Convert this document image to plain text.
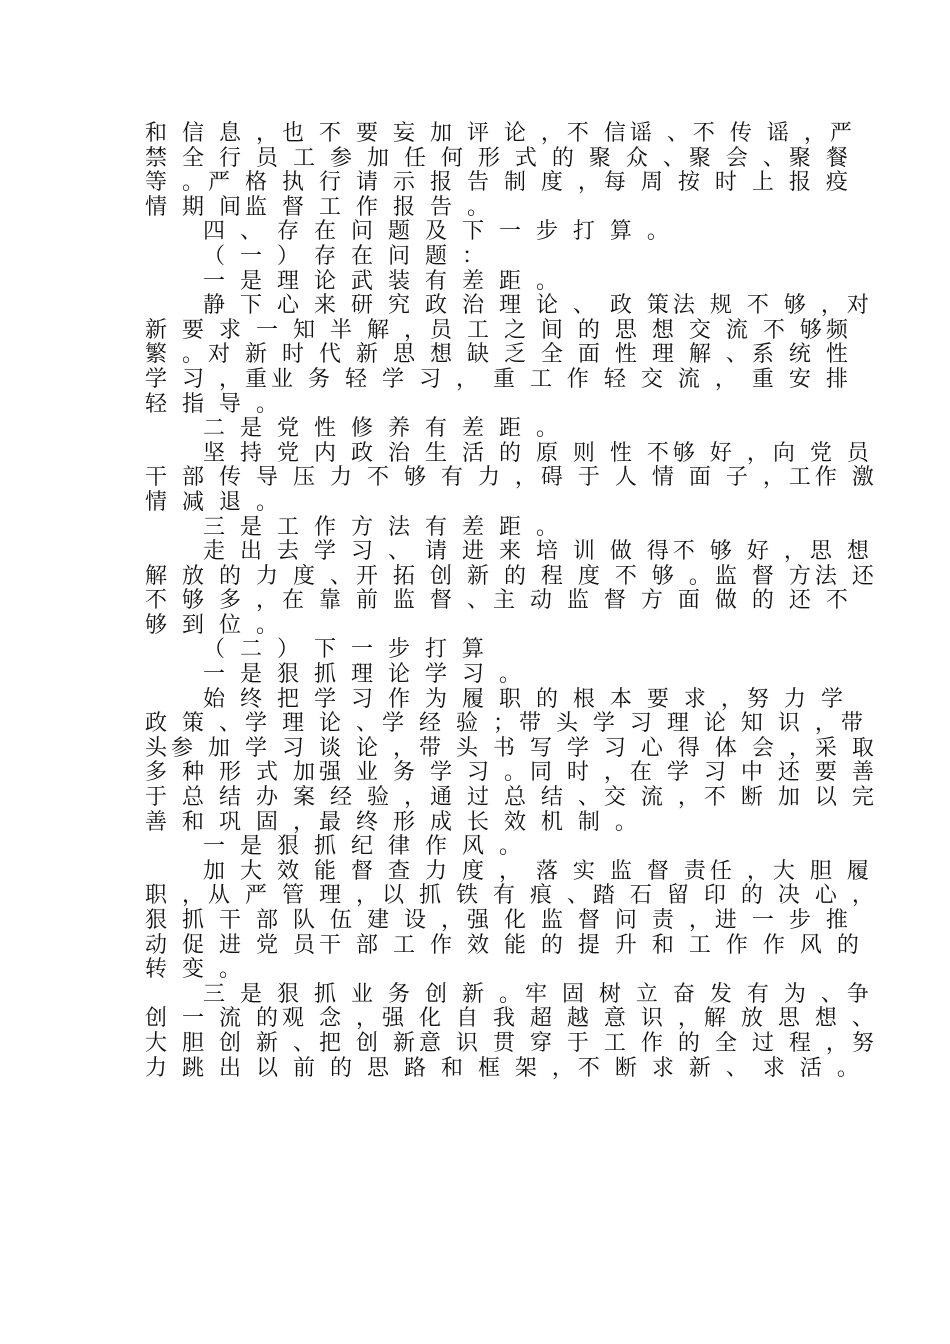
和 信 息 ，也 不 要 妄 加 评 论 ，不 信谣 、不 传 谣 ，严
禁 全 行 员 工 参 加 任 何 形 式 的 聚 众 、聚 会 、聚 餐
等 。严 格 执 行 请 示 报 告 制 度 ，每 周 按 时 上 报 疫
情 期 间监 督 工 作 报 告 。
四 、 存 在 问 题 及 下 一 步 打 算 。
（ 一 ） 存 在 问 题 ：
一 是 理 论 武 装 有 差 距 。
静 下 心 来 研 究 政 治 理 论 、 政 策法 规 不 够 ，对
新 要 求 一 知 半 解 ，员 工 之 间 的 思 想 交 流 不 够频
繁 。对 新 时 代 新 思 想 缺 乏 全 面 性 理 解 、系 统 性
学 习 ，重业 务 轻 学 习 ， 重 工 作 轻 交 流 ， 重 安 排
轻 指 导 。
二 是 党 性 修 养 有 差 距 。
坚 持 党 内 政 治 生 活 的 原 则 性 不够 好 ，向 党 员
干 部 传 导 压 力 不 够 有 力 ，碍 于 人 情 面 子 ，工作 激
情 减 退 。
三 是 工 作 方 法 有 差 距 。
走 出 去 学 习 、 请 进 来 培 训 做 得不 够 好 ，思 想
解 放 的 力 度 、开 拓 创 新 的 程 度 不 够 。监 督 方法 还
不 够 多 ，在 靠 前 监 督 、主 动 监 督 方 面 做 的 还 不
够 到 位 。
（ 二 ） 下 一 步 打 算
一 是 狠 抓 理 论 学 习 。
始 终 把 学 习 作 为 履 职 的 根 本 要 求 ，努 力 学
政 策 、学 理 论 、学 经 验 ；带 头 学 习 理 论 知 识 ，带
头参 加 学 习 谈 论 ，带 头 书 写 学 习 心 得 体 会 ，采 取
多 种 形 式 加强 业 务 学 习 。同 时 ，在 学 习 中 还 要 善
于 总 结 办 案 经 验 ，通 过 总 结 、交 流 ，不 断 加 以 完
善 和 巩 固 ，最 终 形 成 长 效 机 制 。
一 是 狠 抓 纪 律 作 风 。
加 大 效 能 督 查 力 度 ， 落 实 监 督 责任 ，大 胆 履
职 ，从 严 管 理 ，以 抓 铁 有 痕 、踏 石 留 印 的 决 心 ，
狠 抓 干 部 队 伍 建 设 ，强 化 监 督 问 责 ，进 一 步 推
动 促 进 党 员干 部 工 作 效 能 的 提 升 和 工 作 作 风 的
转 变 。
三 是 狠 抓 业 务 创 新 。牢 固 树 立 奋 发 有 为 、争
创 一 流 的观 念 ，强 化 自 我 超 越 意 识 ，解 放 思 想 、
大 胆 创 新 、把 创 新意 识 贯 穿 于 工 作 的 全 过 程 ，努
力 跳 出 以 前 的 思 路 和 框 架 ，不 断 求 新 、 求 活 。
